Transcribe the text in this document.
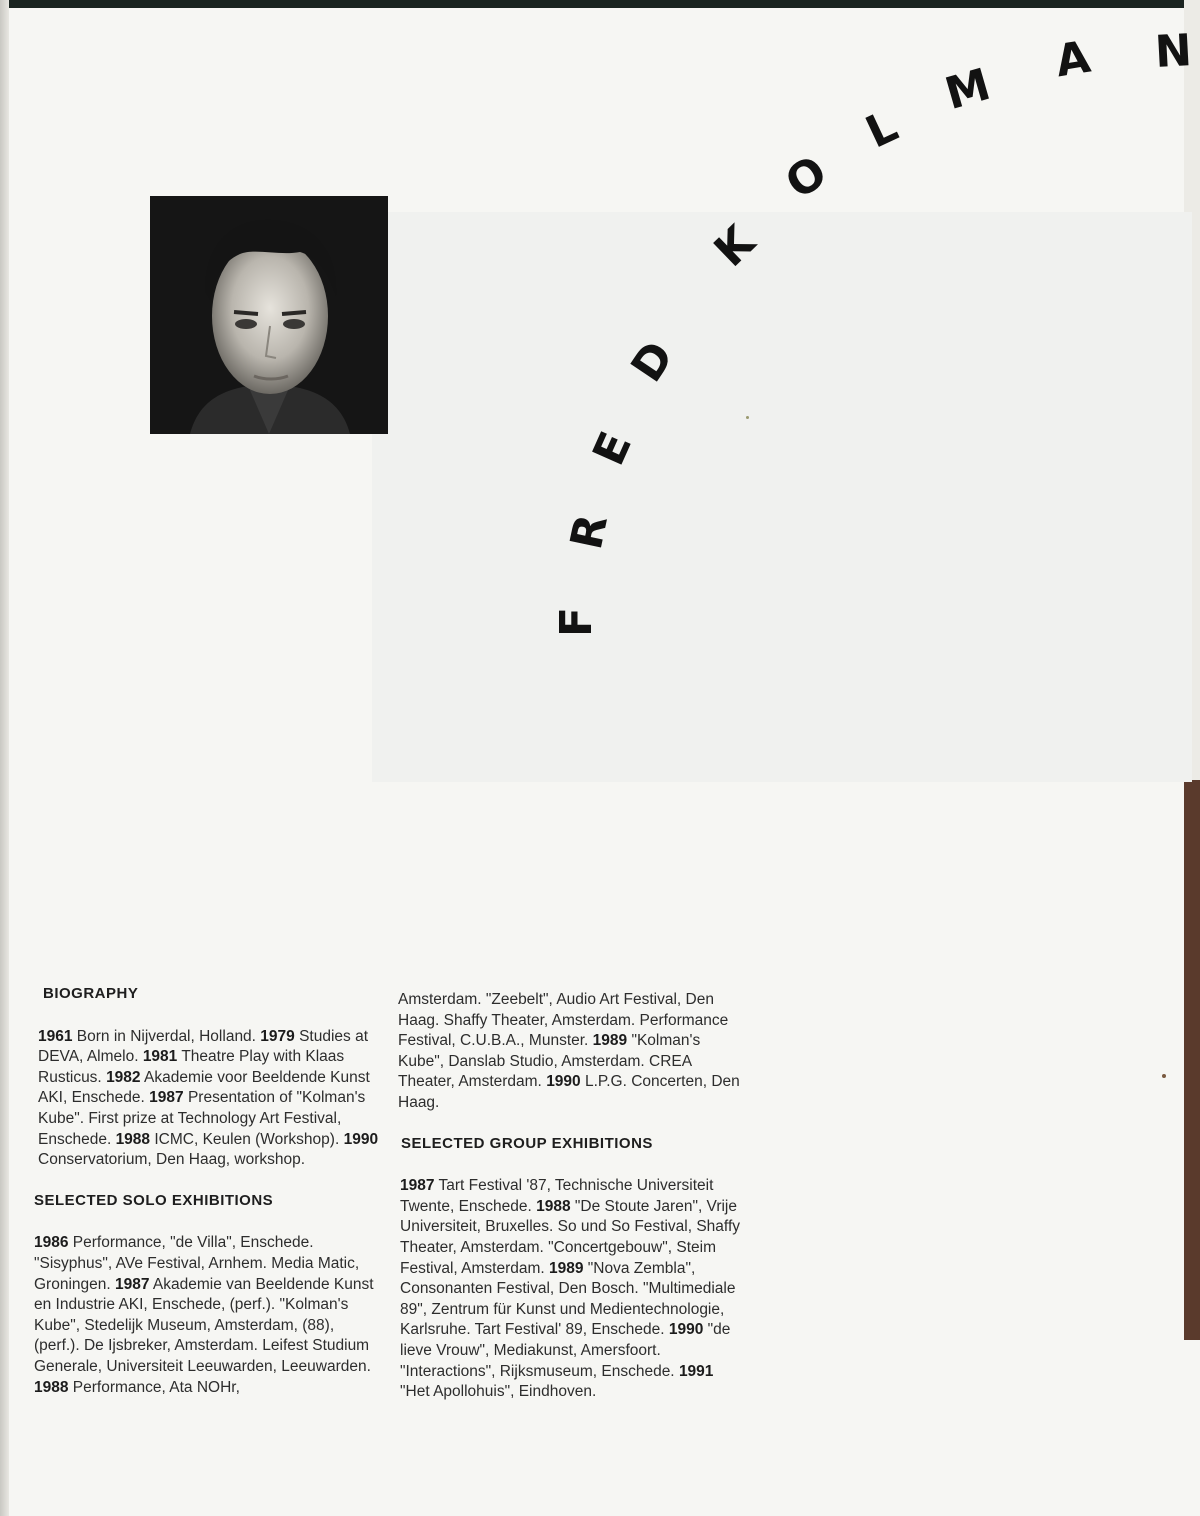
F
R
E
D
K
O
L
M A N
BIOGRAPHY

1961 Born in Nijverdal, Holland. 1979 Studies at DEVA, Almelo. 1981 Theatre Play with Klaas Rusticus. 1982 Akademie voor Beeldende Kunst AKI, Enschede. 1987 Presentation of "Kolman's Kube". First prize at Technology Art Festival, Enschede. 1988 ICMC, Keulen (Workshop). 1990 Conservatorium, Den Haag, workshop.

SELECTED SOLO EXHIBITIONS

1986 Performance, "de Villa", Enschede. "Sisyphus", AVe Festival, Arnhem. Media Matic, Groningen. 1987 Akademie van Beeldende Kunst en Industrie AKI, Enschede, (perf.). "Kolman's Kube", Stedelijk Museum, Amsterdam, (88),(perf.). De Ijsbreker, Amsterdam. Leifest Studium Generale, Universiteit Leeuwarden, Leeuwarden. 1988 Performance, Ata NOHr,

Amsterdam. "Zeebelt", Audio Art Festival, Den Haag. Shaffy Theater, Amsterdam. Performance Festival, C.U.B.A., Munster. 1989 "Kolman's Kube", Danslab Studio, Amsterdam. CREA Theater, Amsterdam. 1990 L.P.G. Concerten, Den Haag.

SELECTED GROUP EXHIBITIONS

1987 Tart Festival '87, Technische Universiteit Twente, Enschede. 1988 "De Stoute Jaren", Vrije Universiteit, Bruxelles. So und So Festival, Shaffy Theater, Amsterdam. "Concertgebouw", Steim Festival, Amsterdam. 1989 "Nova Zembla", Consonanten Festival, Den Bosch. "Multimediale 89", Zentrum für Kunst und Medientechnologie, Karlsruhe. Tart Festival' 89, Enschede. 1990 "de lieve Vrouw", Mediakunst, Amersfoort. "Interactions", Rijksmuseum, Enschede. 1991 "Het Apollohuis", Eindhoven.
